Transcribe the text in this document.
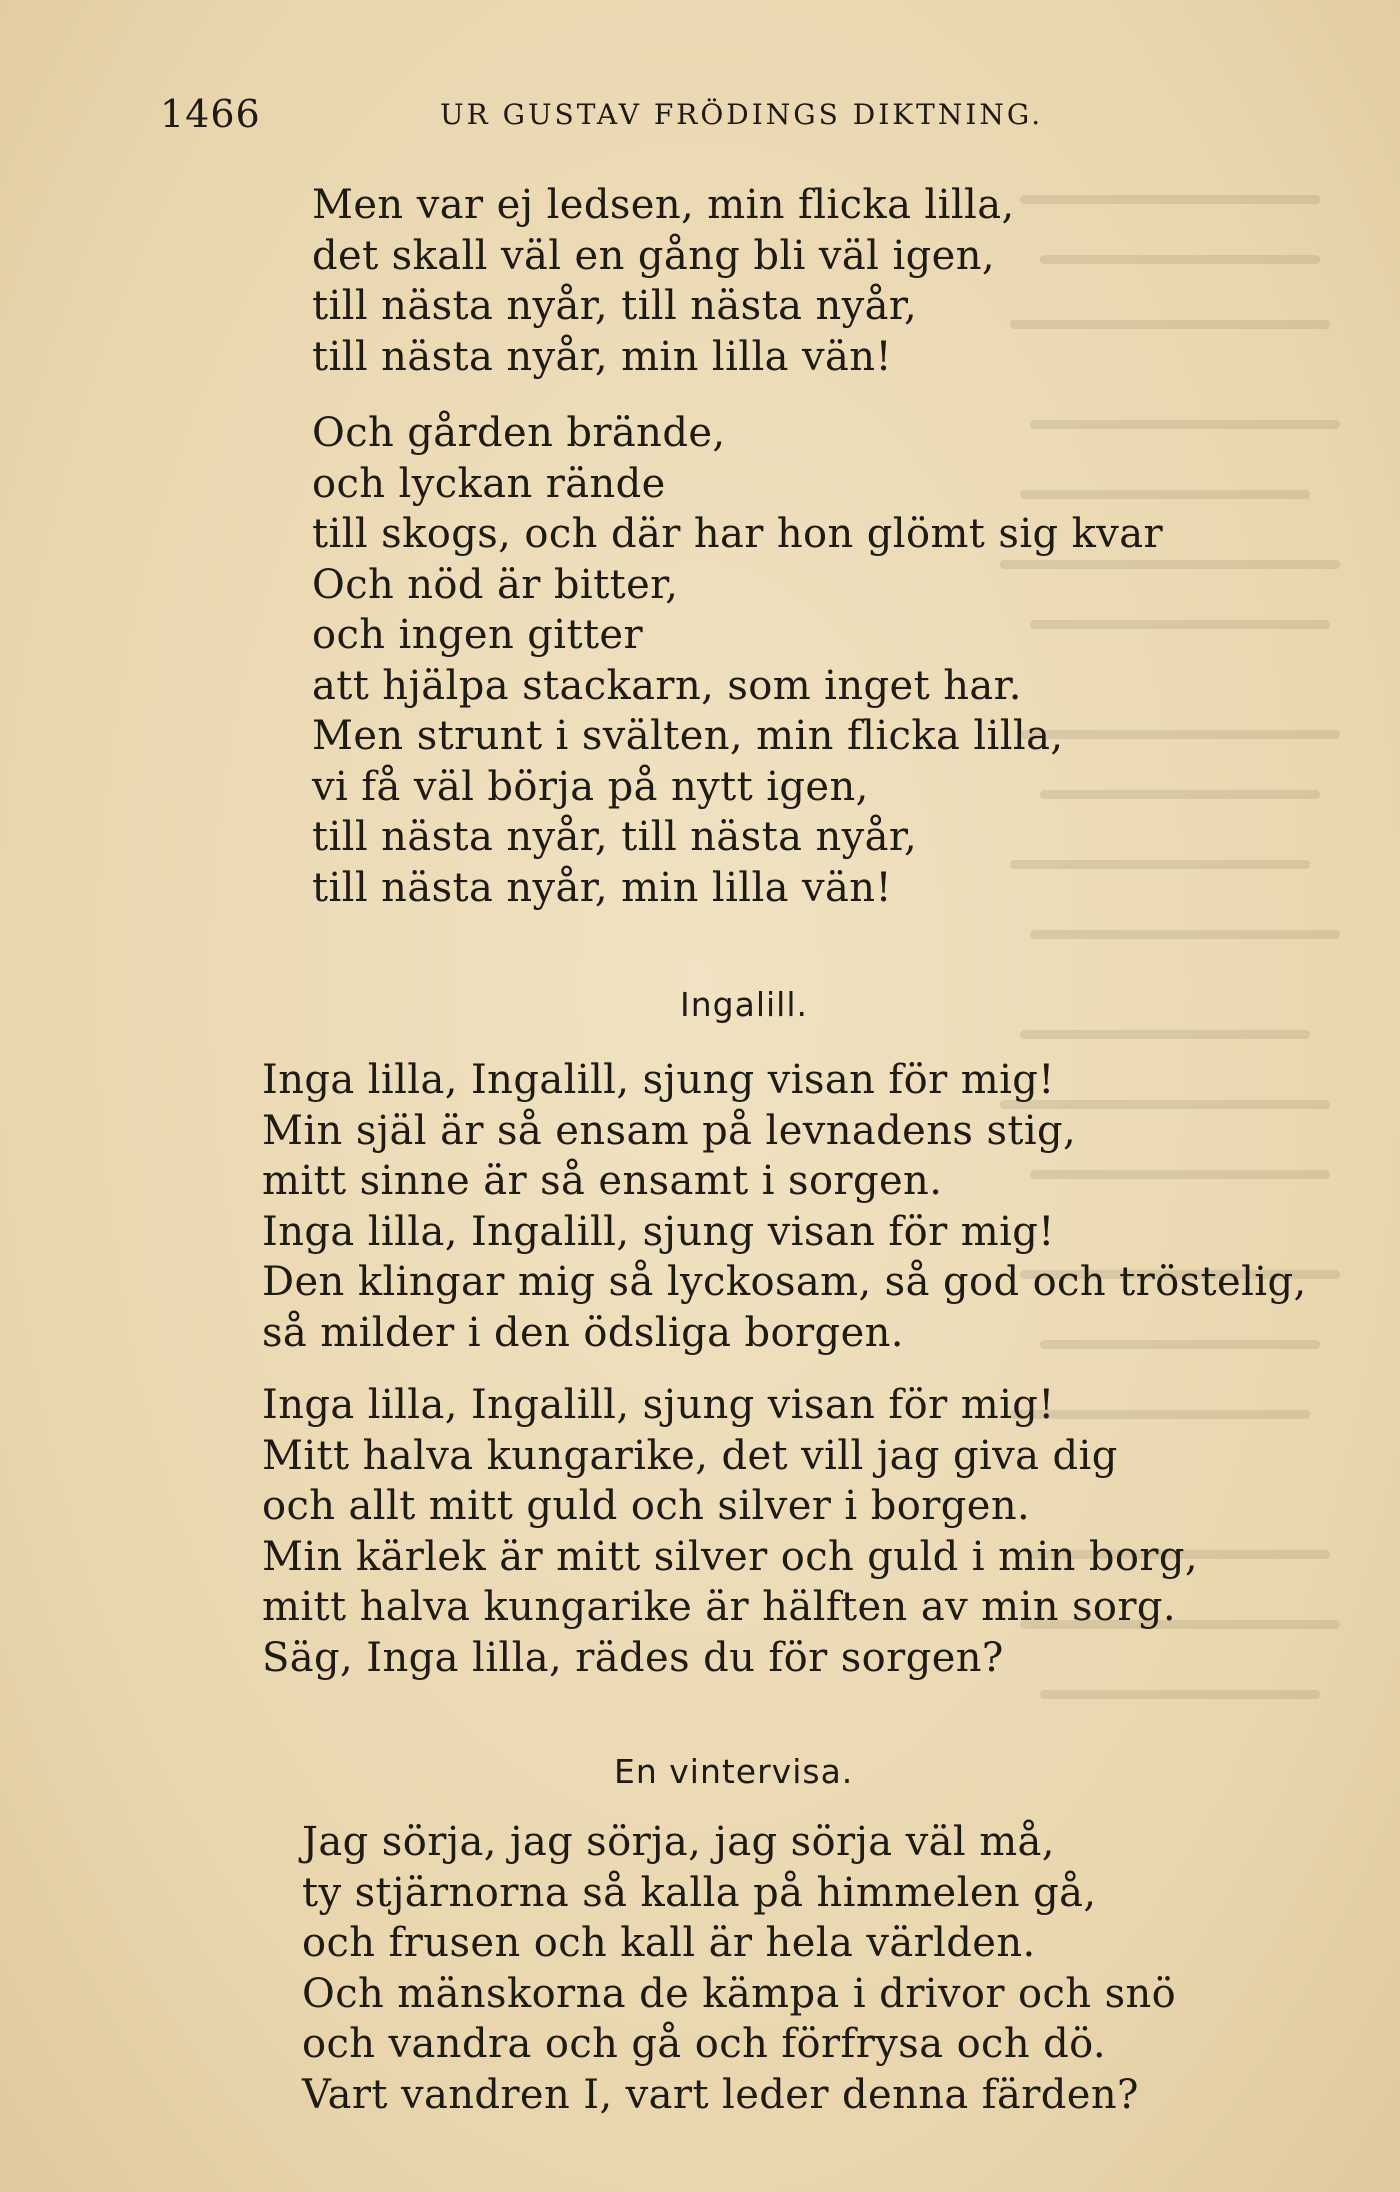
1466	UR GUSTAV FRÖDINGS DIKTNING.
Men var ej ledsen, min flicka lilla,
det skall väl en gång bli väl igen,
till nästa nyår, till nästa nyår,
till nästa nyår, min lilla vän!
Och gården brände,
och lyckan rände
till skogs, och där har hon glömt sig kvar
Och nöd är bitter,
och ingen gitter
att hjälpa stackarn, som inget har.
Men strunt i svälten, min flicka lilla,
vi få väl börja på nytt igen,
till nästa nyår, till nästa nyår,
till nästa nyår, min lilla vän!
Ingalill.
Inga lilla, Ingalill, sjung visan för mig!
Min själ är så ensam på levnadens stig,
mitt sinne är så ensamt i sorgen.
Inga lilla, Ingalill, sjung visan för mig!
Den klingar mig så lyckosam, så god och tröstelig,
så milder i den ödsliga borgen.
Inga lilla, Ingalill, sjung visan för mig!
Mitt halva kungarike, det vill jag giva dig
och allt mitt guld och silver i borgen.
Min kärlek är mitt silver och guld i min borg,
mitt halva kungarike är hälften av min sorg.
Säg, Inga lilla, rädes du för sorgen?
En vintervisa.
Jag sörja, jag sörja, jag sörja väl må,
ty stjärnorna så kalla på himmelen gå,
och frusen och kall är hela världen.
Och mänskorna de kämpa i drivor och snö
och vandra och gå och förfrysa och dö.
Vart vandren I, vart leder denna färden?
